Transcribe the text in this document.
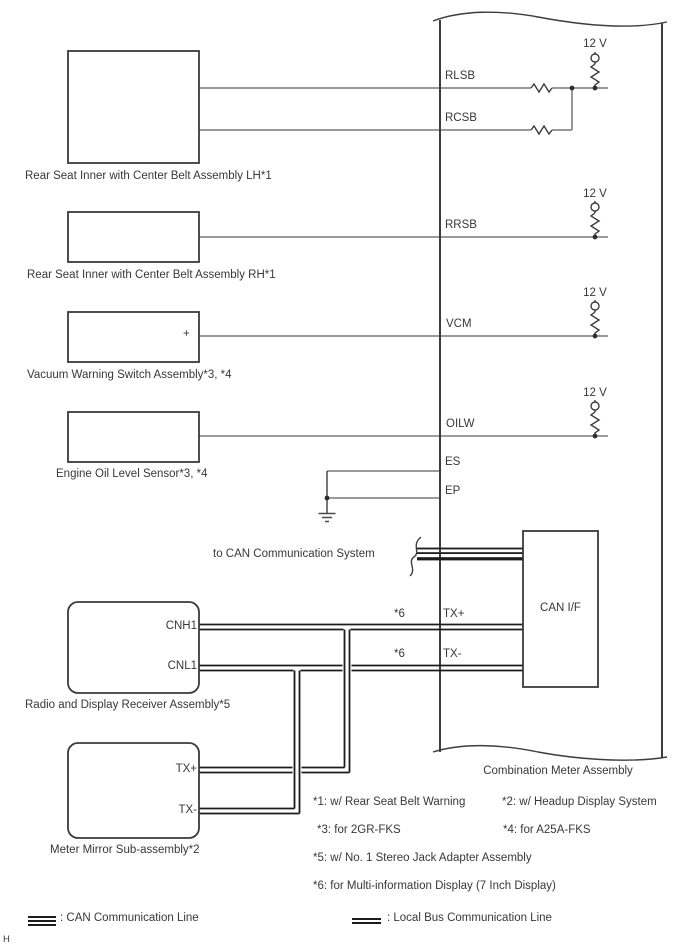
12 V
12 V
12 V
12 V
RLSB
RCSB
RRSB
VCM
OILW
ES
EP
TX+
TX-
*6
*6
+
Rear Seat Inner with Center Belt Assembly LH*1
Rear Seat Inner with Center Belt Assembly RH*1
Vacuum Warning Switch Assembly*3, *4
Engine Oil Level Sensor*3, *4
Radio and Display Receiver Assembly*5
Meter Mirror Sub-assembly*2
CNH1
CNL1
TX+
TX-
to CAN Communication System
CAN I/F
Combination Meter Assembly
*1: w/ Rear Seat Belt Warning	*2: w/ Headup Display System
*3: for 2GR-FKS	*4: for A25A-FKS
*5: w/ No. 1 Stereo Jack Adapter Assembly
*6: for Multi-information Display (7 Inch Display)
: CAN Communication Line	: Local Bus Communication Line
H
